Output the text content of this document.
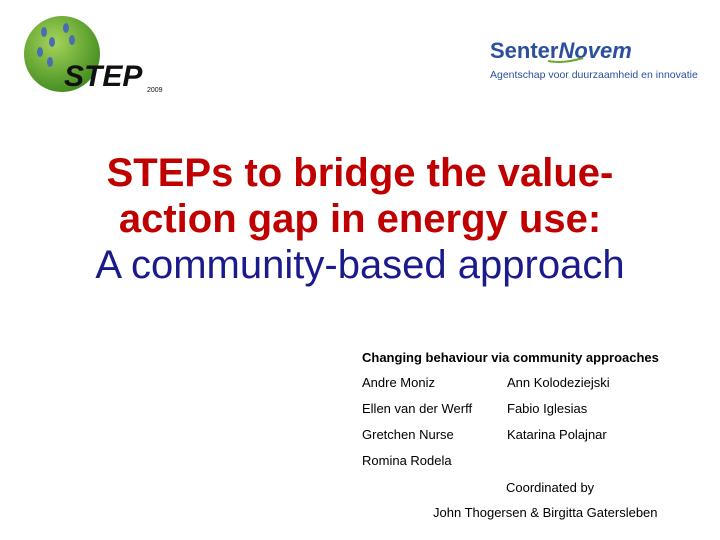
STEP 2009
SenterNovem
Agentschap voor duurzaamheid en innovatie
STEPs to bridge the value-
action gap in energy use:
A community-based approach
Changing behaviour via community approaches
Andre Moniz	Ann Kolodeziejski
Ellen van der Werff	Fabio Iglesias
Gretchen Nurse	Katarina Polajnar
Romina Rodela
Coordinated by
John Thogersen & Birgitta Gatersleben
